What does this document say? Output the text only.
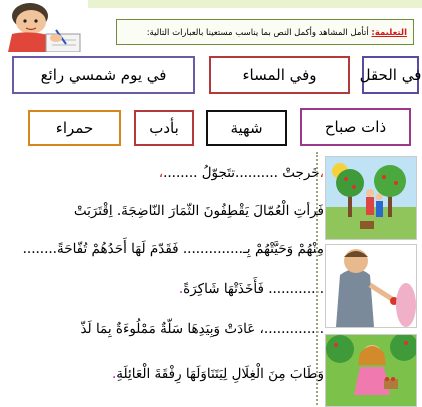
التعليمة: أتأمل المشاهد وأكمل النص بما يناسب مستعينا بالعبارات التالية:
في الحقل
وفي المساء
في يوم شمسي رائع
ذات صباح
شهية
بأدب
حمراء
،خَرجتْ ..........تتَجوّلُ ........،
فَرأتِ الْعُمّالَ يَقْطِفُونَ الثّمَارَ النّاضِجَةَ. اِقْتَرَبَتْ
مِنْهُمْ وَحَيَّتْهُمْ بِـ.............. فَقَدّمَ لَهَا أَحَدُهُمْ تُفّاحَةً........
............. فَأَخَذَتْهَا شَاكِرَةً.
..............، عَادَتْ وَبِيَدِهَا سَلّةٌ مَمْلُوءَةٌ بِمَا لَذّ
وَطَابَ مِنَ الْغِلَالِ لِيَتَنَاوَلَهَا رِفْقَةَ الْعَائِلَةِ.
